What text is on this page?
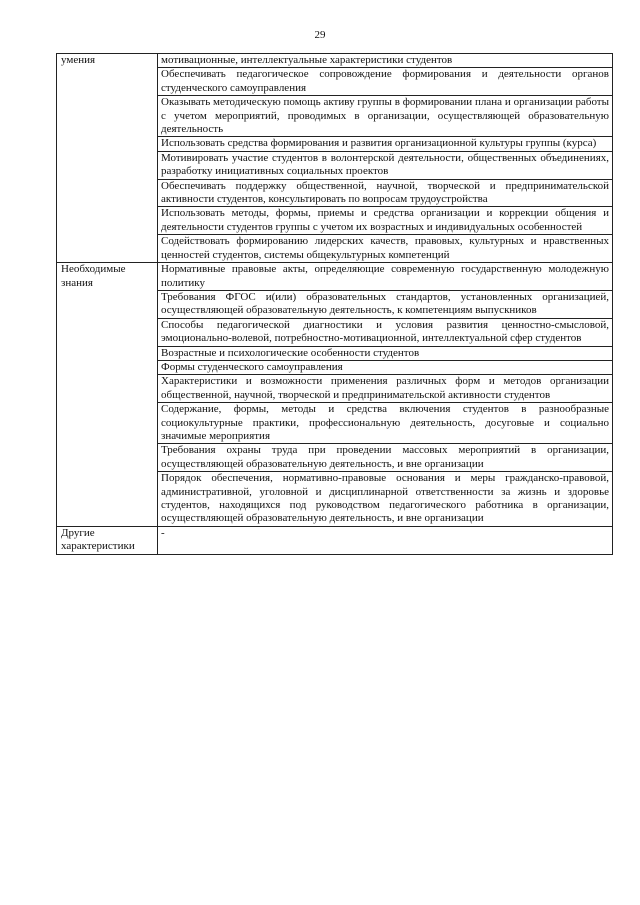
29
умения	мотивационные, интеллектуальные характеристики студентов
	Обеспечивать педагогическое сопровождение формирования и деятельности органов студенческого самоуправления
	Оказывать методическую помощь активу группы в формировании плана и организации работы с учетом мероприятий, проводимых в организации, осуществляющей образовательную деятельность
	Использовать средства формирования и развития организационной культуры группы (курса)
	Мотивировать участие студентов в волонтерской деятельности, общественных объединениях, разработку инициативных социальных проектов
	Обеспечивать поддержку общественной, научной, творческой и предпринимательской активности студентов, консультировать по вопросам трудоустройства
	Использовать методы, формы, приемы и средства организации и коррекции общения и деятельности студентов группы с учетом их возрастных и индивидуальных особенностей
	Содействовать формированию лидерских качеств, правовых, культурных и нравственных ценностей студентов, системы общекультурных компетенций
Необходимые знания	Нормативные правовые акты, определяющие современную государственную молодежную политику
	Требования ФГОС и(или) образовательных стандартов, установленных организацией, осуществляющей образовательную деятельность, к компетенциям выпускников
	Способы педагогической диагностики и условия развития ценностно-смысловой, эмоционально-волевой, потребностно-мотивационной, интеллектуальной сфер студентов
	Возрастные и психологические особенности студентов
	Формы студенческого самоуправления
	Характеристики и возможности применения различных форм и методов организации общественной, научной, творческой и предпринимательской активности студентов
	Содержание, формы, методы и средства включения студентов в разнообразные социокультурные практики, профессиональную деятельность, досуговые и социально значимые мероприятия
	Требования охраны труда при проведении массовых мероприятий в организации, осуществляющей образовательную деятельность, и вне организации
	Порядок обеспечения, нормативно-правовые основания и меры гражданско-правовой, административной, уголовной и дисциплинарной ответственности за жизнь и здоровье студентов, находящихся под руководством педагогического работника в организации, осуществляющей образовательную деятельность, и вне организации
Другие характеристики	-
